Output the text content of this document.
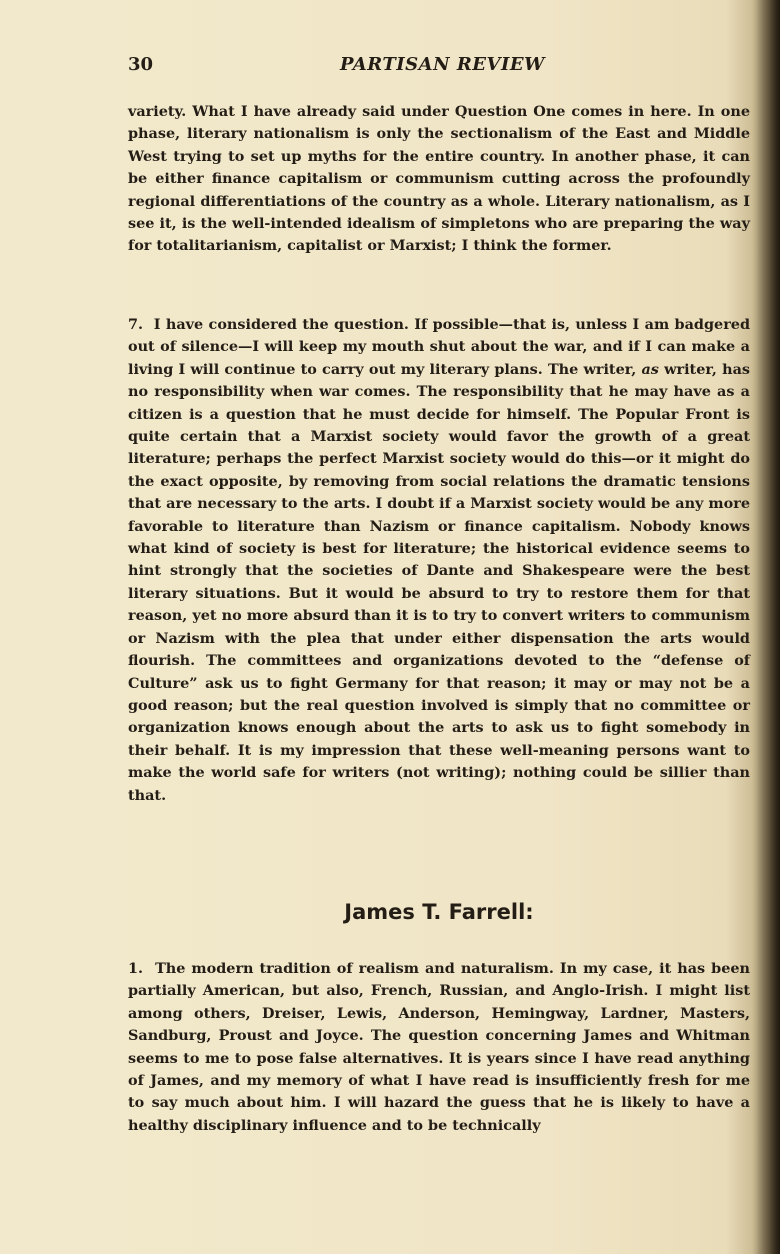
30	PARTISAN REVIEW

variety. What I have already said under Question One comes in here. In one phase, literary nationalism is only the sectionalism of the East and Middle West trying to set up myths for the entire country. In another phase, it can be either finance capitalism or communism cutting across the profoundly regional differentiations of the country as a whole. Literary nationalism, as I see it, is the well-intended idealism of simpletons who are preparing the way for totalitarianism, capitalist or Marxist; I think the former.

7. I have considered the question. If possible—that is, unless I am badgered out of silence—I will keep my mouth shut about the war, and if I can make a living I will continue to carry out my literary plans. The writer, as writer, has no responsibility when war comes. The responsibility that he may have as a citizen is a question that he must decide for himself. The Popular Front is quite certain that a Marxist society would favor the growth of a great literature; perhaps the perfect Marxist society would do this—or it might do the exact opposite, by removing from social relations the dramatic tensions that are necessary to the arts. I doubt if a Marxist society would be any more favorable to literature than Nazism or finance capitalism. Nobody knows what kind of society is best for literature; the historical evidence seems to hint strongly that the societies of Dante and Shakespeare were the best literary situations. But it would be absurd to try to restore them for that reason, yet no more absurd than it is to try to convert writers to communism or Nazism with the plea that under either dispensation the arts would flourish. The committees and organizations devoted to the “defense of Culture” ask us to fight Germany for that reason; it may or may not be a good reason; but the real question involved is simply that no committee or organization knows enough about the arts to ask us to fight somebody in their behalf. It is my impression that these well-meaning persons want to make the world safe for writers (not writing); nothing could be sillier than that.

James T. Farrell:

1. The modern tradition of realism and naturalism. In my case, it has been partially American, but also, French, Russian, and Anglo-Irish. I might list among others, Dreiser, Lewis, Anderson, Hemingway, Lardner, Masters, Sandburg, Proust and Joyce. The question concerning James and Whitman seems to me to pose false alternatives. It is years since I have read anything of James, and my memory of what I have read is insufficiently fresh for me to say much about him. I will hazard the guess that he is likely to have a healthy disciplinary influence and to be technically
